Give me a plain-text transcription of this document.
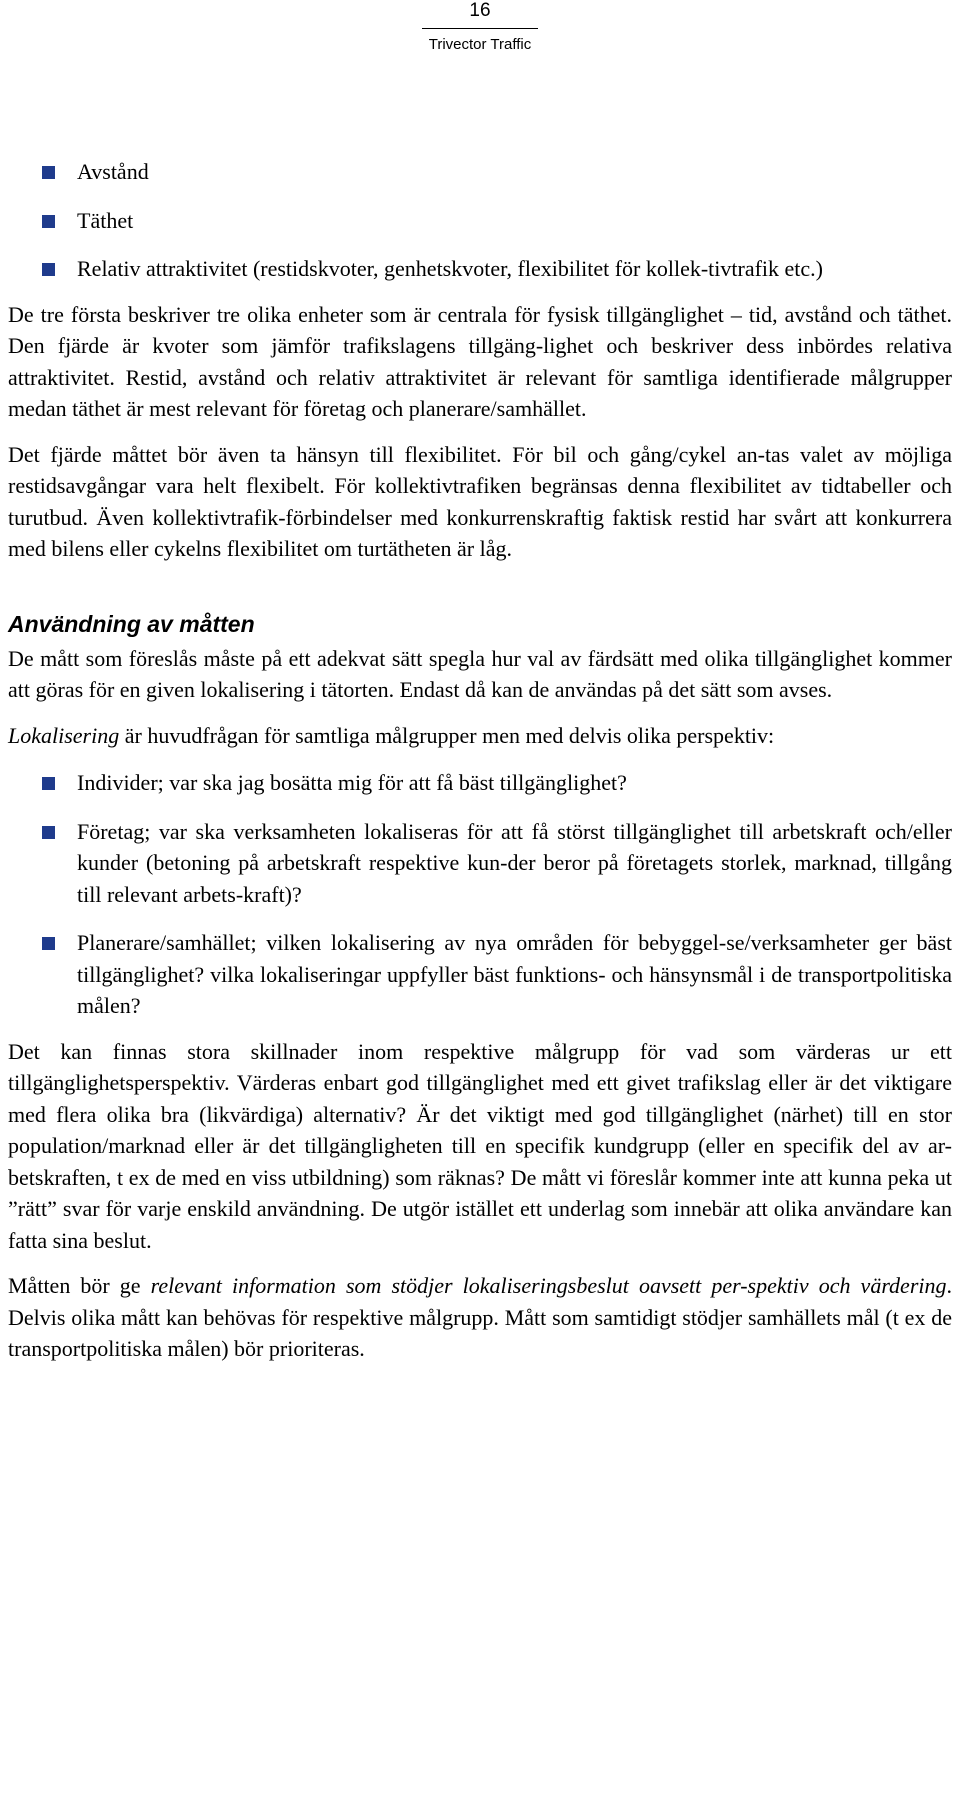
16
Trivector Traffic
Avstånd
Täthet
Relativ attraktivitet (restidskvoter, genhetskvoter, flexibilitet för kollek-tivtrafik etc.)

De tre första beskriver tre olika enheter som är centrala för fysisk tillgänglighet – tid, avstånd och täthet. Den fjärde är kvoter som jämför trafikslagens tillgäng-lighet och beskriver dess inbördes relativa attraktivitet. Restid, avstånd och relativ attraktivitet är relevant för samtliga identifierade målgrupper medan täthet är mest relevant för företag och planerare/samhället.

Det fjärde måttet bör även ta hänsyn till flexibilitet. För bil och gång/cykel an-tas valet av möjliga restidsavgångar vara helt flexibelt. För kollektivtrafiken begränsas denna flexibilitet av tidtabeller och turutbud. Även kollektivtrafik-förbindelser med konkurrenskraftig faktisk restid har svårt att konkurrera med bilens eller cykelns flexibilitet om turtätheten är låg.

Användning av måtten

De mått som föreslås måste på ett adekvat sätt spegla hur val av färdsätt med olika tillgänglighet kommer att göras för en given lokalisering i tätorten. Endast då kan de användas på det sätt som avses.

Lokalisering är huvudfrågan för samtliga målgrupper men med delvis olika perspektiv:

Individer; var ska jag bosätta mig för att få bäst tillgänglighet?
Företag; var ska verksamheten lokaliseras för att få störst tillgänglighet till arbetskraft och/eller kunder (betoning på arbetskraft respektive kun-der beror på företagets storlek, marknad, tillgång till relevant arbets-kraft)?
Planerare/samhället; vilken lokalisering av nya områden för bebyggel-se/verksamheter ger bäst tillgänglighet? vilka lokaliseringar uppfyller bäst funktions- och hänsynsmål i de transportpolitiska målen?

Det kan finnas stora skillnader inom respektive målgrupp för vad som värderas ur ett tillgänglighetsperspektiv. Värderas enbart god tillgänglighet med ett givet trafikslag eller är det viktigare med flera olika bra (likvärdiga) alternativ? Är det viktigt med god tillgänglighet (närhet) till en stor population/marknad eller är det tillgängligheten till en specifik kundgrupp (eller en specifik del av ar-betskraften, t ex de med en viss utbildning) som räknas? De mått vi föreslår kommer inte att kunna peka ut ”rätt” svar för varje enskild användning. De utgör istället ett underlag som innebär att olika användare kan fatta sina beslut.

Måtten bör ge relevant information som stödjer lokaliseringsbeslut oavsett per-spektiv och värdering. Delvis olika mått kan behövas för respektive målgrupp. Mått som samtidigt stödjer samhällets mål (t ex de transportpolitiska målen) bör prioriteras.
